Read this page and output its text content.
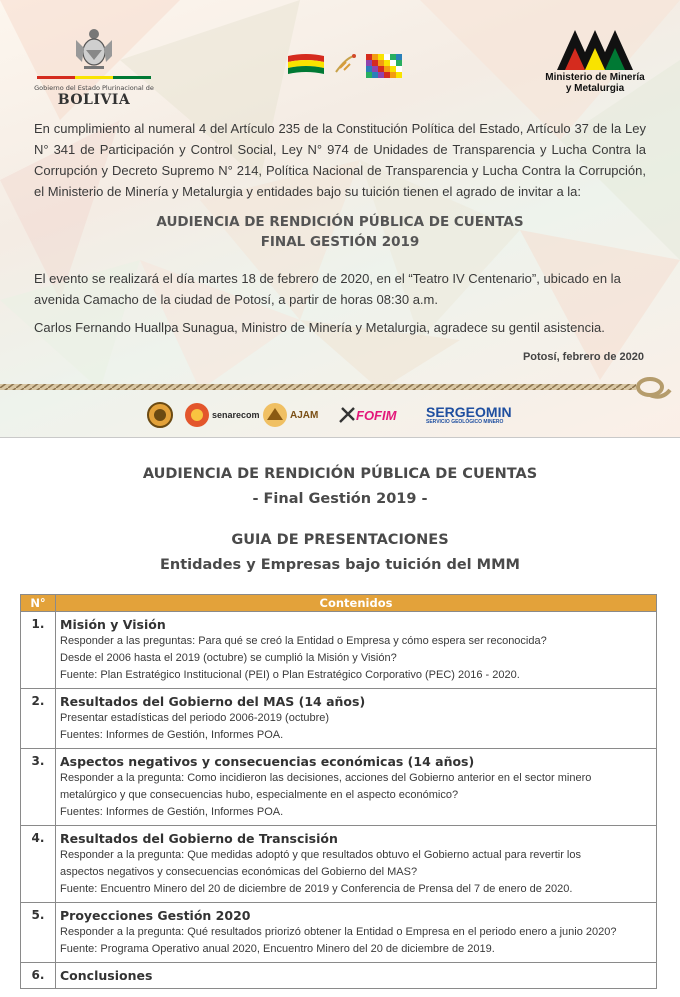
Gobierno del Estado Plurinacional de
BOLIVIA
Ministerio de Minería
y Metalurgia
En cumplimiento al numeral 4 del Artículo 235 de la Constitución Política del Estado, Artículo 37 de la Ley N° 341 de Participación y Control Social, Ley N° 974 de Unidades de Transparencia y Lucha Contra la Corrupción y Decreto Supremo N° 214, Política Nacional de Transparencia y Lucha Contra la Corrupción, el Ministerio de Minería y Metalurgia y entidades bajo su tuición tienen el agrado de invitar a la:
AUDIENCIA DE RENDICIÓN PÚBLICA DE CUENTAS
FINAL GESTIÓN 2019
El evento se realizará el día martes 18 de febrero de 2020, en el “Teatro IV Centenario”, ubicado en la avenida Camacho de la ciudad de Potosí, a partir de horas 08:30 a.m.
Carlos Fernando Huallpa Sunagua, Ministro de Minería y Metalurgia, agradece su gentil asistencia.
Potosí, febrero de 2020
senarecom	AJAM	FOFIM SERGEOMIN
SERVICIO GEOLÓGICO MINERO
AUDIENCIA DE RENDICIÓN PÚBLICA DE CUENTAS
- Final Gestión 2019 -
GUIA DE PRESENTACIONES
Entidades y Empresas bajo tuición del MMM
N°	Contenidos
1.	Misión y Visión
Responder a las preguntas: Para qué se creó la Entidad o Empresa y cómo espera ser reconocida?
Desde el 2006 hasta el 2019 (octubre) se cumplió la Misión y Visión?
Fuente: Plan Estratégico Institucional (PEI) o Plan Estratégico Corporativo (PEC) 2016 - 2020.

2.	Resultados del Gobierno del MAS (14 años)
Presentar estadísticas del periodo 2006-2019 (octubre)
Fuentes: Informes de Gestión, Informes POA.

3.	Aspectos negativos y consecuencias económicas (14 años)
Responder a la pregunta: Como incidieron las decisiones, acciones del Gobierno anterior en el sector minero
metalúrgico y que consecuencias hubo, especialmente en el aspecto económico?
Fuentes: Informes de Gestión, Informes POA.

4.	Resultados del Gobierno de Transcisión
Responder a la pregunta: Que medidas adoptó y que resultados obtuvo el Gobierno actual para revertir los
aspectos negativos y consecuencias económicas del Gobierno del MAS?
Fuente: Encuentro Minero del 20 de diciembre de 2019 y Conferencia de Prensa del 7 de enero de 2020.

5.	Proyecciones Gestión 2020
Responder a la pregunta: Qué resultados priorizó obtener la Entidad o Empresa en el periodo enero a junio 2020?
Fuente: Programa Operativo anual 2020, Encuentro Minero del 20 de diciembre de 2019.

6.	Conclusiones
